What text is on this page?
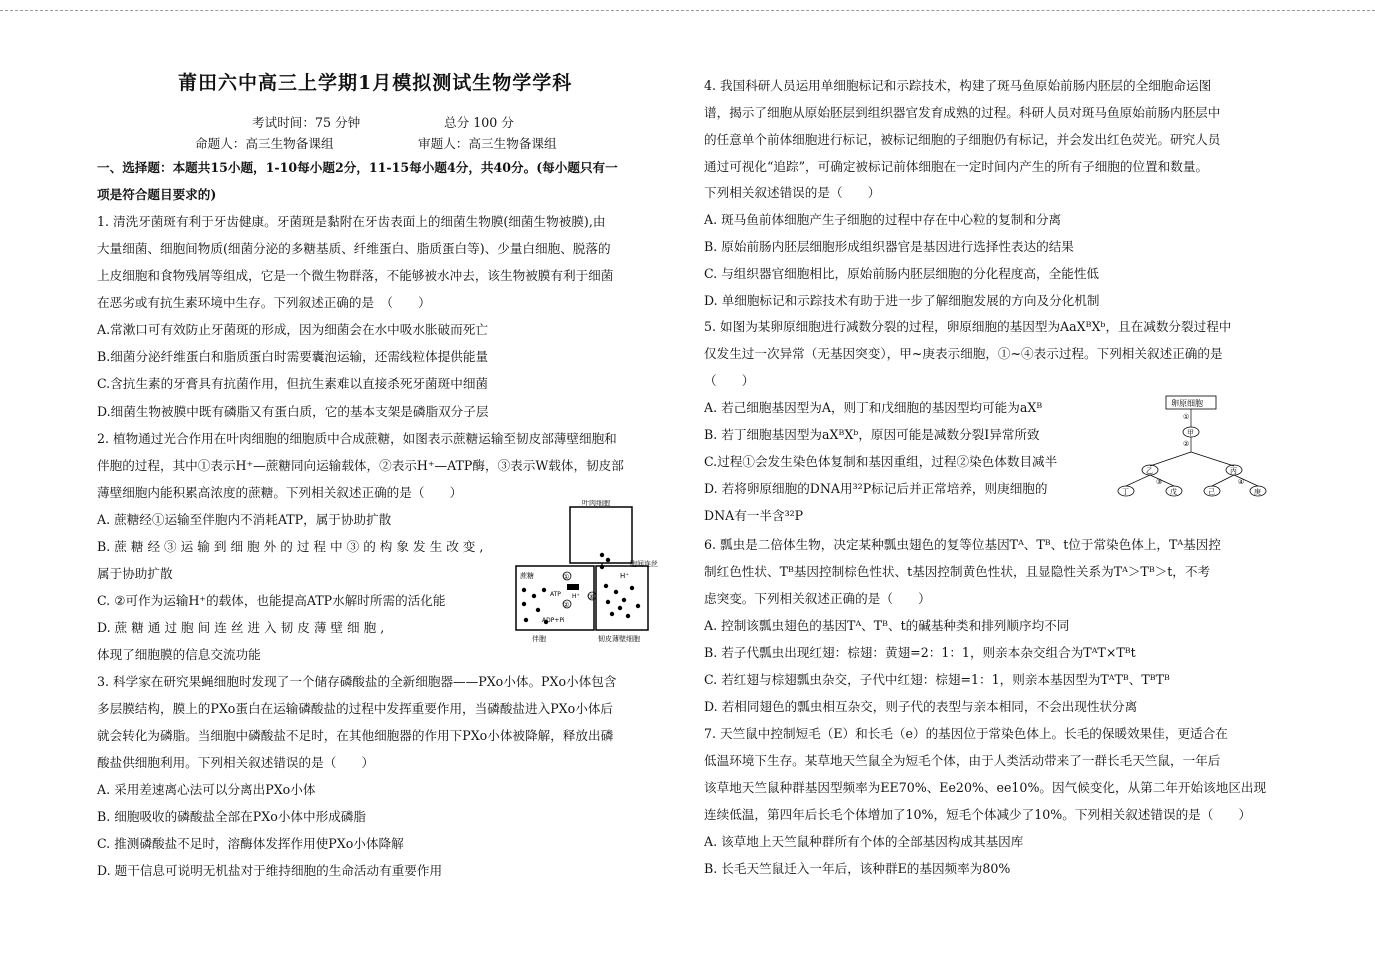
莆田六中高三上学期1月模拟测试生物学学科
考试时间：75 分钟	总分 100 分
命题人：高三生物备课组	审题人：高三生物备课组
一、选择题：本题共15小题，1-10每小题2分，11-15每小题4分，共40分。(每小题只有一
项是符合题目要求的)
1. 清洗牙菌斑有利于牙齿健康。牙菌斑是黏附在牙齿表面上的细菌生物膜(细菌生物被膜),由
大量细菌、细胞间物质(细菌分泌的多糖基质、纤维蛋白、脂质蛋白等)、少量白细胞、脱落的
上皮细胞和食物残屑等组成，它是一个微生物群落，不能够被水冲去，该生物被膜有利于细菌
在恶劣或有抗生素环境中生存。下列叙述正确的是　（　　）
A.常漱口可有效防止牙菌斑的形成，因为细菌会在水中吸水胀破而死亡
B.细菌分泌纤维蛋白和脂质蛋白时需要囊泡运输，还需线粒体提供能量
C.含抗生素的牙膏具有抗菌作用，但抗生素难以直接杀死牙菌斑中细菌
D.细菌生物被膜中既有磷脂又有蛋白质，它的基本支架是磷脂双分子层
2. 植物通过光合作用在叶肉细胞的细胞质中合成蔗糖，如图表示蔗糖运输至韧皮部薄壁细胞和
伴胞的过程，其中①表示H⁺—蔗糖同向运输载体，②表示H⁺—ATP酶，③表示W载体，韧皮部
薄壁细胞内能积累高浓度的蔗糖。下列相关叙述正确的是（　　）
A. 蔗糖经①运输至伴胞内不消耗ATP，属于协助扩散
B. 蔗 糖 经 ③ 运 输 到 细 胞 外 的 过 程 中 ③ 的 构 象 发 生 改 变 ,
属于协助扩散
C. ②可作为运输H⁺的载体，也能提高ATP水解时所需的活化能
D. 蔗 糖 通 过 胞 间 连 丝 进 入 韧 皮 薄 壁 细 胞 ,
体现了细胞膜的信息交流功能
3. 科学家在研究果蝇细胞时发现了一个储存磷酸盐的全新细胞器——PXo小体。PXo小体包含
多层膜结构，膜上的PXo蛋白在运输磷酸盐的过程中发挥重要作用，当磷酸盐进入PXo小体后
就会转化为磷脂。当细胞中磷酸盐不足时，在其他细胞器的作用下PXo小体被降解，释放出磷
酸盐供细胞利用。下列相关叙述错误的是（　　）
A. 采用差速离心法可以分离出PXo小体
B. 细胞吸收的磷酸盐全部在PXo小体中形成磷脂
C. 推测磷酸盐不足时，溶酶体发挥作用使PXo小体降解
D. 题干信息可说明无机盐对于维持细胞的生命活动有重要作用
4. 我国科研人员运用单细胞标记和示踪技术，构建了斑马鱼原始前肠内胚层的全细胞命运图
谱，揭示了细胞从原始胚层到组织器官发育成熟的过程。科研人员对斑马鱼原始前肠内胚层中
的任意单个前体细胞进行标记，被标记细胞的子细胞仍有标记，并会发出红色荧光。研究人员
通过可视化“追踪”，可确定被标记前体细胞在一定时间内产生的所有子细胞的位置和数量。
下列相关叙述错误的是（　　）
A. 斑马鱼前体细胞产生子细胞的过程中存在中心粒的复制和分离
B. 原始前肠内胚层细胞形成组织器官是基因进行选择性表达的结果
C. 与组织器官细胞相比，原始前肠内胚层细胞的分化程度高，全能性低
D. 单细胞标记和示踪技术有助于进一步了解细胞发展的方向及分化机制
5. 如图为某卵原细胞进行减数分裂的过程，卵原细胞的基因型为AaXᴮXᵇ，且在减数分裂过程中
仅发生过一次异常（无基因突变），甲~庚表示细胞，①~④表示过程。下列相关叙述正确的是
（　　）
A. 若己细胞基因型为A，则丁和戊细胞的基因型均可能为aXᴮ
B. 若丁细胞基因型为aXᴮXᵇ，原因可能是减数分裂Ⅰ异常所致
C.过程①会发生染色体复制和基因重组，过程②染色体数目减半
D. 若将卵原细胞的DNA用³²P标记后并正常培养，则庚细胞的
DNA有一半含³²P
6. 瓢虫是二倍体生物，决定某种瓢虫翅色的复等位基因Tᴬ、Tᴮ、t位于常染色体上，Tᴬ基因控
制红色性状、Tᴮ基因控制棕色性状、t基因控制黄色性状，且显隐性关系为Tᴬ＞Tᴮ＞t，不考
虑突变。下列相关叙述正确的是（　　）
A. 控制该瓢虫翅色的基因Tᴬ、Tᴮ、t的碱基种类和排列顺序均不同
B. 若子代瓢虫出现红翅：棕翅：黄翅=2：1：1，则亲本杂交组合为TᴬT×Tᴮt
C. 若红翅与棕翅瓢虫杂交，子代中红翅：棕翅=1：1，则亲本基因型为TᴬTᴮ、TᴮTᴮ
D. 若相同翅色的瓢虫相互杂交，则子代的表型与亲本相同，不会出现性状分离
7. 天竺鼠中控制短毛（E）和长毛（e）的基因位于常染色体上。长毛的保暖效果佳，更适合在
低温环境下生存。某草地天竺鼠全为短毛个体，由于人类活动带来了一群长毛天竺鼠，一年后
该草地天竺鼠种群基因型频率为EE70%、Ee20%、ee10%。因气候变化，从第二年开始该地区出现
连续低温，第四年后长毛个体增加了10%，短毛个体减少了10%。下列相关叙述错误的是（　　）
A. 该草地上天竺鼠种群所有个体的全部基因构成其基因库
B. 长毛天竺鼠迁入一年后，该种群E的基因频率为80%
叶肉细胞
胞间连丝
蔗糖
伴胞
ATP
ADP+Pi
①
②
H⁺
H⁺
韧皮薄壁细胞
③
卵原细胞
①
甲
②
乙	丙
③	④
丁	戊	己	庚
